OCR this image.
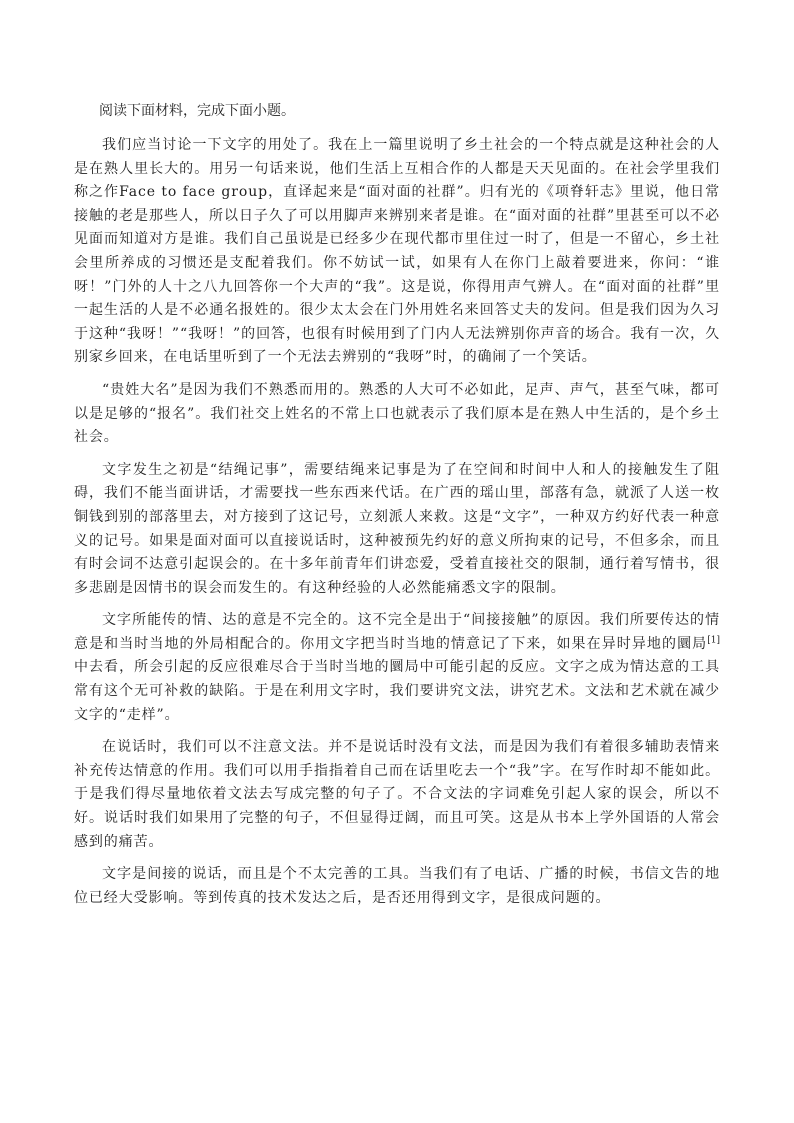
阅读下面材料，完成下面小题。

我们应当讨论一下文字的用处了。我在上一篇里说明了乡土社会的一个特点就是这种社会的人是在熟人里长大的。用另一句话来说，他们生活上互相合作的人都是天天见面的。在社会学里我们称之作Face to face group，直译起来是“面对面的社群”。归有光的《项脊轩志》里说，他日常接触的老是那些人，所以日子久了可以用脚声来辨别来者是谁。在“面对面的社群”里甚至可以不必见面而知道对方是谁。我们自己虽说是已经多少在现代都市里住过一时了，但是一不留心，乡土社会里所养成的习惯还是支配着我们。你不妨试一试，如果有人在你门上敲着要进来，你问：“谁呀！”门外的人十之八九回答你一个大声的“我”。这是说，你得用声气辨人。在“面对面的社群”里一起生活的人是不必通名报姓的。很少太太会在门外用姓名来回答丈夫的发问。但是我们因为久习于这种“我呀！”“我呀！”的回答，也很有时候用到了门内人无法辨别你声音的场合。我有一次，久别家乡回来，在电话里听到了一个无法去辨别的“我呀”时，的确闹了一个笑话。

“贵姓大名”是因为我们不熟悉而用的。熟悉的人大可不必如此，足声、声气，甚至气味，都可以是足够的“报名”。我们社交上姓名的不常上口也就表示了我们原本是在熟人中生活的，是个乡土社会。

文字发生之初是“结绳记事”，需要结绳来记事是为了在空间和时间中人和人的接触发生了阻碍，我们不能当面讲话，才需要找一些东西来代话。在广西的瑶山里，部落有急，就派了人送一枚铜钱到别的部落里去，对方接到了这记号，立刻派人来救。这是“文字”，一种双方约好代表一种意义的记号。如果是面对面可以直接说话时，这种被预先约好的意义所拘束的记号，不但多余，而且有时会词不达意引起误会的。在十多年前青年们讲恋爱，受着直接社交的限制，通行着写情书，很多悲剧是因情书的误会而发生的。有这种经验的人必然能痛悉文字的限制。

文字所能传的情、达的意是不完全的。这不完全是出于“间接接触”的原因。我们所要传达的情意是和当时当地的外局相配合的。你用文字把当时当地的情意记了下来，如果在异时异地的圜局[1]中去看，所会引起的反应很难尽合于当时当地的圜局中可能引起的反应。文字之成为情达意的工具常有这个无可补救的缺陷。于是在利用文字时，我们要讲究文法，讲究艺术。文法和艺术就在减少文字的“走样”。

在说话时，我们可以不注意文法。并不是说话时没有文法，而是因为我们有着很多辅助表情来补充传达情意的作用。我们可以用手指指着自己而在话里吃去一个“我”字。在写作时却不能如此。于是我们得尽量地依着文法去写成完整的句子了。不合文法的字词难免引起人家的误会，所以不好。说话时我们如果用了完整的句子，不但显得迂阔，而且可笑。这是从书本上学外国语的人常会感到的痛苦。

文字是间接的说话，而且是个不太完善的工具。当我们有了电话、广播的时候，书信文告的地位已经大受影响。等到传真的技术发达之后，是否还用得到文字，是很成问题的。
